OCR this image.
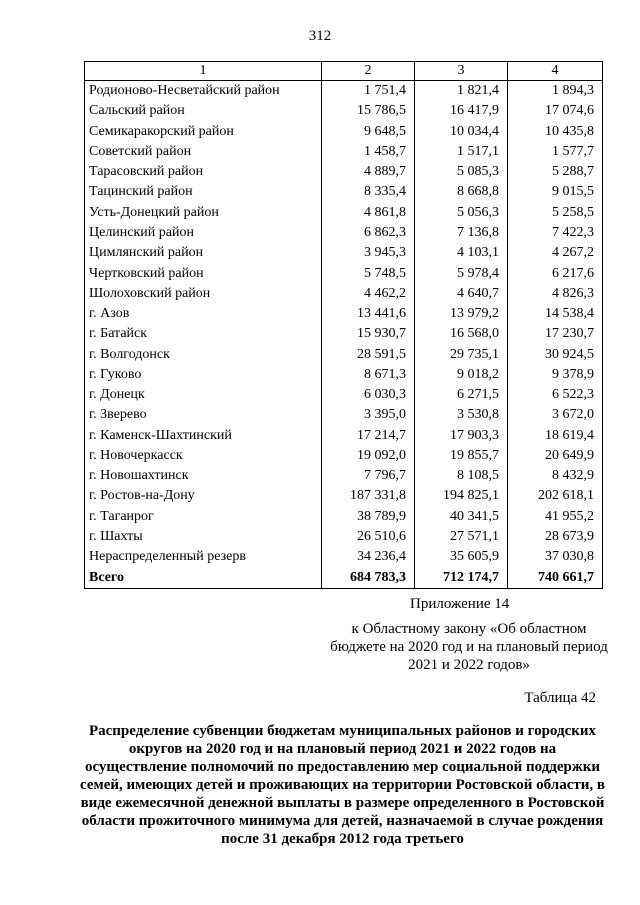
312
1	2	3	4
Родионово-Несветайский район	1 751,4	1 821,4	1 894,3
Сальский район	15 786,5	16 417,9	17 074,6
Семикаракорский район	9 648,5	10 034,4	10 435,8
Советский район	1 458,7	1 517,1	1 577,7
Тарасовский район	4 889,7	5 085,3	5 288,7
Тацинский район	8 335,4	8 668,8	9 015,5
Усть-Донецкий район	4 861,8	5 056,3	5 258,5
Целинский район	6 862,3	7 136,8	7 422,3
Цимлянский район	3 945,3	4 103,1	4 267,2
Чертковский район	5 748,5	5 978,4	6 217,6
Шолоховский район	4 462,2	4 640,7	4 826,3
г. Азов	13 441,6	13 979,2	14 538,4
г. Батайск	15 930,7	16 568,0	17 230,7
г. Волгодонск	28 591,5	29 735,1	30 924,5
г. Гуково	8 671,3	9 018,2	9 378,9
г. Донецк	6 030,3	6 271,5	6 522,3
г. Зверево	3 395,0	3 530,8	3 672,0
г. Каменск-Шахтинский	17 214,7	17 903,3	18 619,4
г. Новочеркасск	19 092,0	19 855,7	20 649,9
г. Новошахтинск	7 796,7	8 108,5	8 432,9
г. Ростов-на-Дону	187 331,8	194 825,1	202 618,1
г. Таганрог	38 789,9	40 341,5	41 955,2
г. Шахты	26 510,6	27 571,1	28 673,9
Нераспределенный резерв	34 236,4	35 605,9	37 030,8
Всего	684 783,3	712 174,7	740 661,7
Приложение 14
к Областному закону «Об областном бюджете на 2020 год и на плановый период 2021 и 2022 годов»
Таблица 42
Распределение субвенции бюджетам муниципальных районов и городских округов на 2020 год и на плановый период 2021 и 2022 годов на осуществление полномочий по предоставлению мер социальной поддержки семей, имеющих детей и проживающих на территории Ростовской области, в виде ежемесячной денежной выплаты в размере определенного в Ростовской области прожиточного минимума для детей, назначаемой в случае рождения после 31 декабря 2012 года третьего
